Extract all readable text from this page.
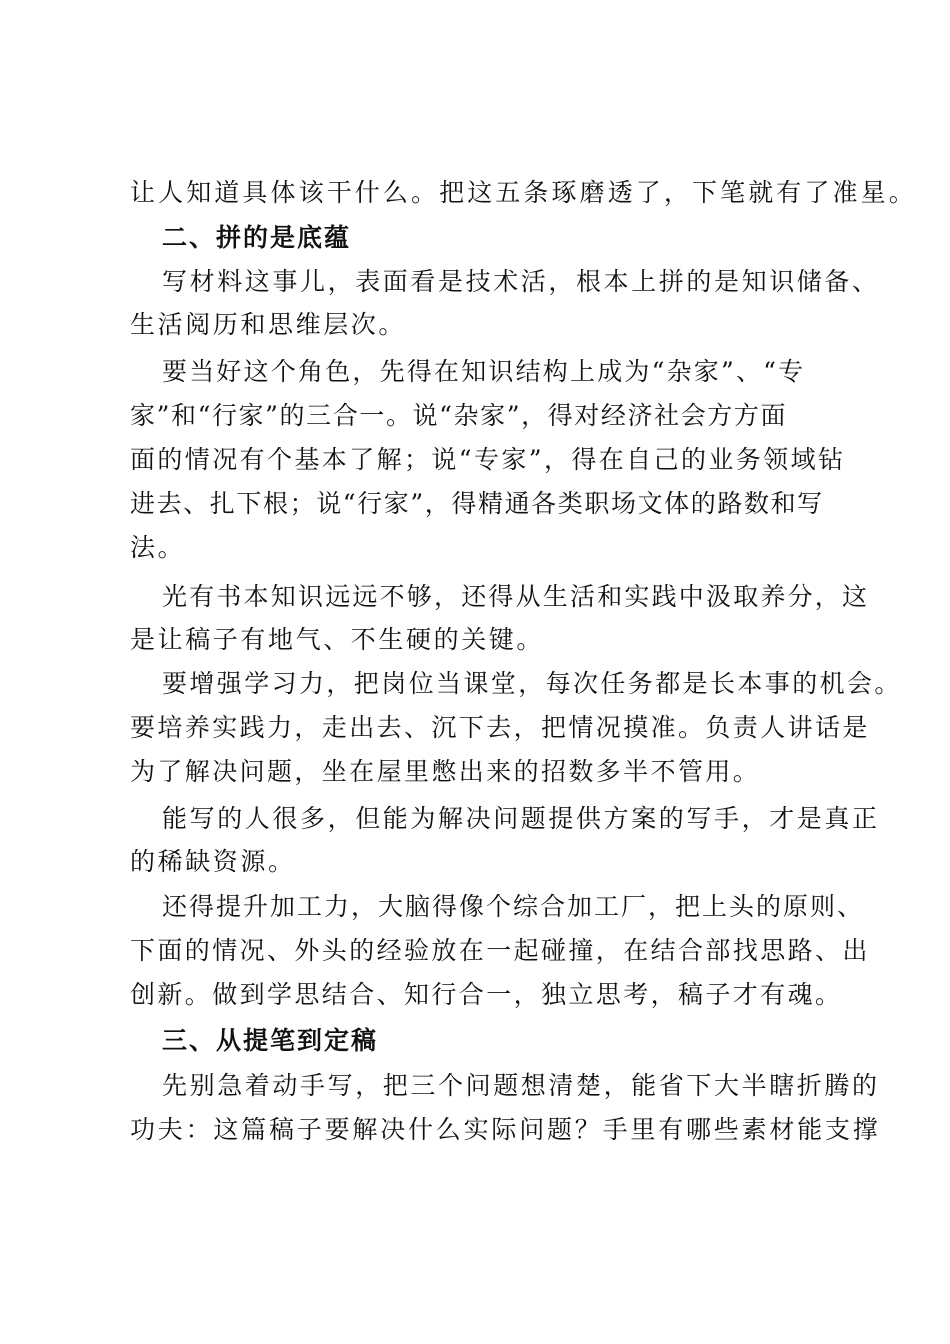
让人知道具体该干什么。把这五条琢磨透了，下笔就有了准星。
二、拼的是底蕴
写材料这事儿，表面看是技术活，根本上拼的是知识储备、
生活阅历和思维层次。
要当好这个角色，先得在知识结构上成为“杂家”、“专
家”和“行家”的三合一。说“杂家”，得对经济社会方方面
面的情况有个基本了解；说“专家”，得在自己的业务领域钻
进去、扎下根；说“行家”，得精通各类职场文体的路数和写
法。
光有书本知识远远不够，还得从生活和实践中汲取养分，这
是让稿子有地气、不生硬的关键。
要增强学习力，把岗位当课堂，每次任务都是长本事的机会。
要培养实践力，走出去、沉下去，把情况摸准。负责人讲话是
为了解决问题，坐在屋里憋出来的招数多半不管用。
能写的人很多，但能为解决问题提供方案的写手，才是真正
的稀缺资源。
还得提升加工力，大脑得像个综合加工厂，把上头的原则、
下面的情况、外头的经验放在一起碰撞，在结合部找思路、出
创新。做到学思结合、知行合一，独立思考，稿子才有魂。
三、从提笔到定稿
先别急着动手写，把三个问题想清楚，能省下大半瞎折腾的
功夫：这篇稿子要解决什么实际问题？手里有哪些素材能支撑
